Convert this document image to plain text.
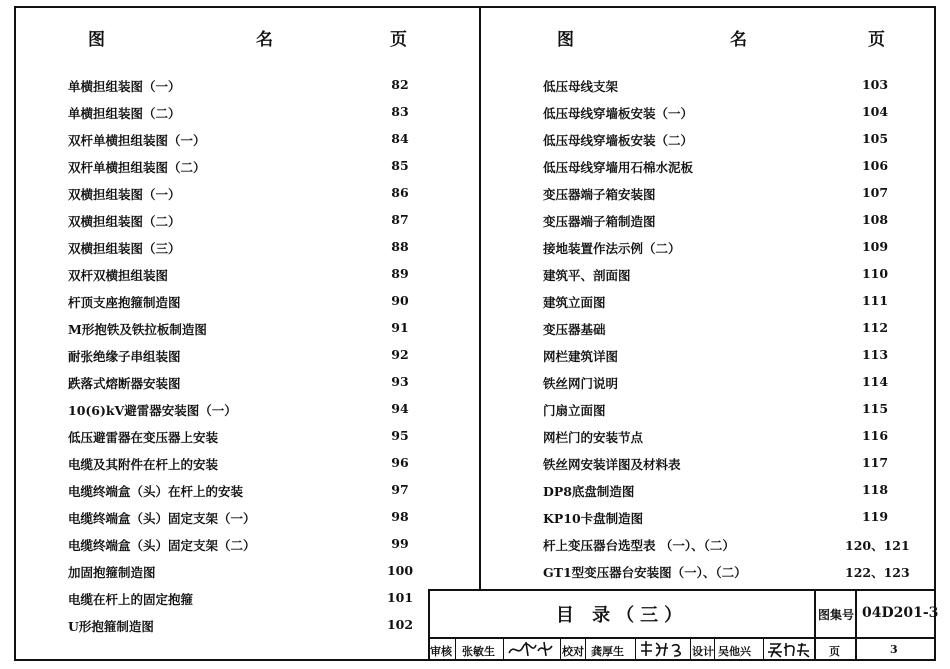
图	名	页	图	名	页
单横担组装图（一）	82
单横担组装图（二）	83
双杆单横担组装图（一）	84
双杆单横担组装图（二）	85
双横担组装图（一）	86
双横担组装图（二）	87
双横担组装图（三）	88
双杆双横担组装图	89
杆顶支座抱箍制造图	90
M形抱铁及铁拉板制造图	91
耐张绝缘子串组装图	92
跌落式熔断器安装图	93
10(6)kV避雷器安装图（一）	94
低压避雷器在变压器上安装	95
电缆及其附件在杆上的安装	96
电缆终端盒（头）在杆上的安装	97
电缆终端盒（头）固定支架（一）	98
电缆终端盒（头）固定支架（二）	99
加固抱箍制造图	100
电缆在杆上的固定抱箍	101
U形抱箍制造图	102
低压母线支架	103
低压母线穿墙板安装（一）	104
低压母线穿墙板安装（二）	105
低压母线穿墙用石棉水泥板	106
变压器端子箱安装图	107
变压器端子箱制造图	108
接地装置作法示例（二）	109
建筑平、剖面图	110
建筑立面图	111
变压器基础	112
网栏建筑详图	113
铁丝网门说明	114
门扇立面图	115
网栏门的安装节点	116
铁丝网安装详图及材料表	117
DP8底盘制造图	118
KP10卡盘制造图	119
杆上变压器台选型表 （一）、（二）	120、121
GT1型变压器台安装图（一）、（二）	122、123
目 录（三）	图集号 04D201-3
审核 张敏生	校对 龚厚生	设计 吴他兴	页	3
